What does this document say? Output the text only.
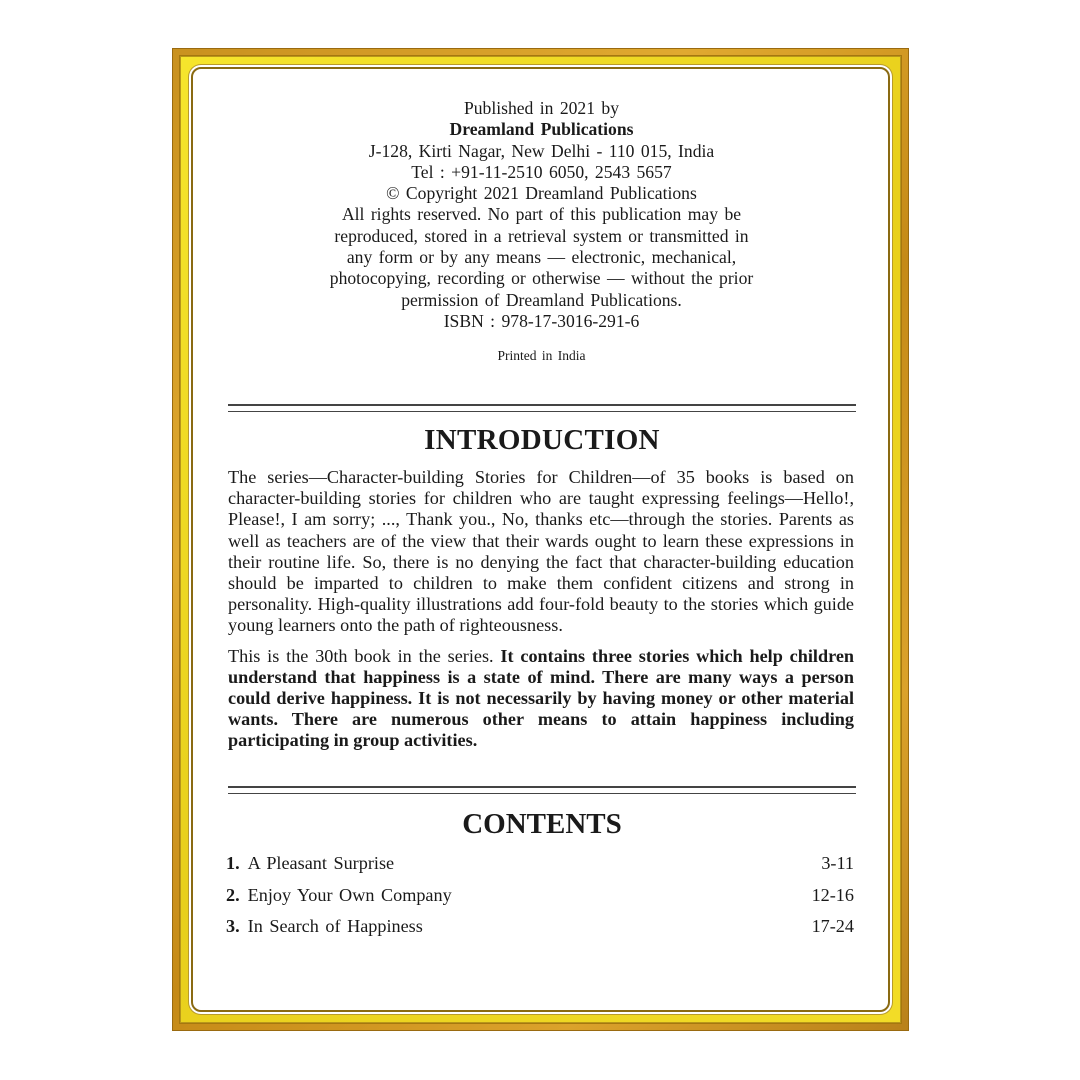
Published in 2021 by
Dreamland Publications
J-128, Kirti Nagar, New Delhi - 110 015, India
Tel : +91-11-2510 6050, 2543 5657
© Copyright 2021 Dreamland Publications
All rights reserved. No part of this publication may be
reproduced, stored in a retrieval system or transmitted in
any form or by any means — electronic, mechanical,
photocopying, recording or otherwise — without the prior
permission of Dreamland Publications.
ISBN : 978-17-3016-291-6
Printed in India
INTRODUCTION

The series—Character-building Stories for Children—of 35 books is based on character-building stories for children who are taught expressing feelings—Hello!, Please!, I am sorry; ..., Thank you., No, thanks etc—through the stories. Parents as well as teachers are of the view that their wards ought to learn these expressions in their routine life. So, there is no denying the fact that character-building education should be imparted to children to make them confident citizens and strong in personality. High-quality illustrations add four-fold beauty to the stories which guide young learners onto the path of righteousness.

This is the 30th book in the series. It contains three stories which help children understand that happiness is a state of mind. There are many ways a person could derive happiness. It is not necessarily by having money or other material wants. There are numerous other means to attain happiness including participating in group activities.

CONTENTS
1. A Pleasant Surprise	3-11
2. Enjoy Your Own Company	12-16
3. In Search of Happiness	17-24
